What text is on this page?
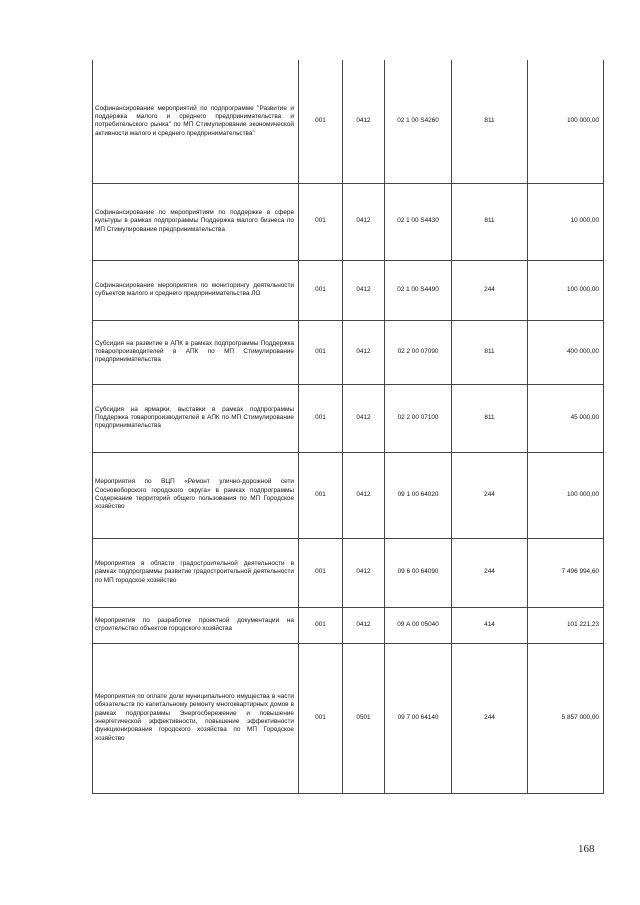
Софинансирование мероприятий по подпрограмме "Развитие и поддержка малого и среднего предпринимательства и потребительского рынка" по МП Стимулирование экономической активности малого и среднего предпринимательства"	001	0412	02 1 00 S4260	811	100 000,00
Софинансирование по мероприятиям по поддержке в сфере культуры в рамках подпрограммы Поддержка малого бизнеса по МП Стимулирование предпринимательства	001	0412	02 1 00 S4430	811	10 000,00
Софинансирование мероприятия по мониторингу деятельности субъектов малого и среднего предпринимательства ЛО	001	0412	02 1 00 S4490	244	100 000,00
Субсидия на развитие в АПК в рамках подпрограммы Поддержка товаропроизводителей в АПК по МП Стимулирование предпринимательства	001	0412	02 2 00 07090	811	400 000,00
Субсидия на ярмарки, выставки в рамках подпрограммы Поддержка товаропроизводителей в АПК по МП Стимулирование предпринимательства	001	0412	02 2 00 07100	811	45 000,00
Мероприятия по ВЦП «Ремонт улично-дорожной сети Сосновоборского городского округа» в рамках подпрограммы Содержание территорий общего пользования по МП Городское хозяйство	001	0412	09 1 00 64020	244	100 000,00
Мероприятия в области градостроительной деятельности в рамках подпрограммы развитие градостроительной деятельности по МП городское хозяйство	001	0412	09 6 00 64090	244	7 496 994,60
Мероприятия по разработке проектной документации на строительство объектов городского хозяйства	001	0412	09 А 00 05040	414	101 221,23
Мероприятия по оплате доли муниципального имущества в части обязательств по капитальному ремонту многоквартирных домов в рамках подпрограммы Энергосбережение и повышение энергетической эффективности, повышение эффективности функционирования городского хозяйства по МП Городское хозяйство	001	0501	09 7 00 64140	244	5 857 000,00
168
